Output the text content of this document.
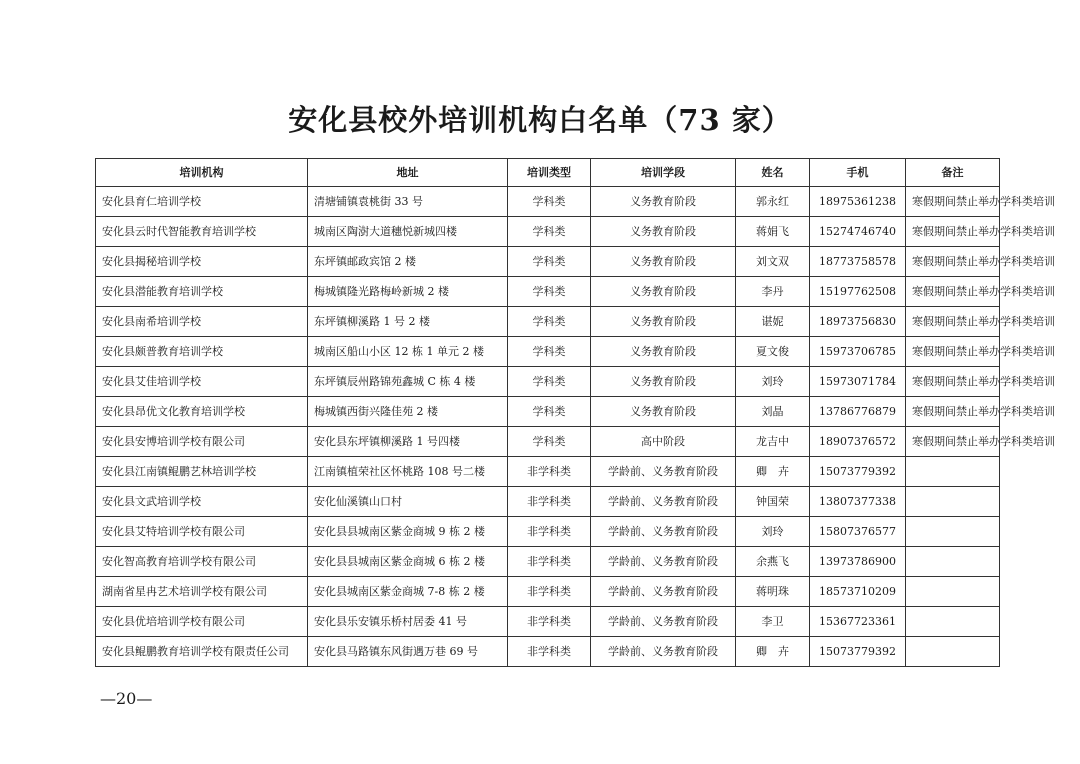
安化县校外培训机构白名单（73 家）
培训机构	地址	培训类型	培训学段	姓名	手机	备注
安化县育仁培训学校	清塘铺镇袁桃街 33 号	学科类	义务教育阶段	郭永红	18975361238	寒假期间禁止举办学科类培训
安化县云时代智能教育培训学校	城南区陶澍大道穗悦新城四楼	学科类	义务教育阶段	蒋娟飞	15274746740	寒假期间禁止举办学科类培训
安化县揭秘培训学校	东坪镇邮政宾馆 2 楼	学科类	义务教育阶段	刘文双	18773758578	寒假期间禁止举办学科类培训
安化县潜能教育培训学校	梅城镇隆光路梅岭新城 2 楼	学科类	义务教育阶段	李丹	15197762508	寒假期间禁止举办学科类培训
安化县南希培训学校	东坪镇柳溪路 1 号 2 楼	学科类	义务教育阶段	谌妮	18973756830	寒假期间禁止举办学科类培训
安化县颇普教育培训学校	城南区船山小区 12 栋 1 单元 2 楼	学科类	义务教育阶段	夏文俊	15973706785	寒假期间禁止举办学科类培训
安化县艾佳培训学校	东坪镇辰州路锦苑鑫城 C 栋 4 楼	学科类	义务教育阶段	刘玲	15973071784	寒假期间禁止举办学科类培训
安化县昂优文化教育培训学校	梅城镇西街兴隆佳苑 2 楼	学科类	义务教育阶段	刘晶	13786776879	寒假期间禁止举办学科类培训
安化县安博培训学校有限公司	安化县东坪镇柳溪路 1 号四楼	学科类	高中阶段	龙吉中	18907376572	寒假期间禁止举办学科类培训
安化县江南镇鲲鹏艺林培训学校	江南镇植荣社区怀桃路 108 号二楼	非学科类	学龄前、义务教育阶段	卿　卉	15073779392	
安化县文武培训学校	安化仙溪镇山口村	非学科类	学龄前、义务教育阶段	钟国荣	13807377338	
安化县艾特培训学校有限公司	安化县县城南区紫金商城 9 栋 2 楼	非学科类	学龄前、义务教育阶段	刘玲	15807376577	
安化智高教育培训学校有限公司	安化县县城南区紫金商城 6 栋 2 楼	非学科类	学龄前、义务教育阶段	余燕飞	13973786900	
湖南省星冉艺术培训学校有限公司	安化县城南区紫金商城 7-8 栋 2 楼	非学科类	学龄前、义务教育阶段	蒋明珠	18573710209	
安化县优培培训学校有限公司	安化县乐安镇乐桥村居委 41 号	非学科类	学龄前、义务教育阶段	李卫	15367723361	
安化县鲲鹏教育培训学校有限责任公司	安化县马路镇东风街遇万巷 69 号	非学科类	学龄前、义务教育阶段	卿　卉	15073779392	
—20—
